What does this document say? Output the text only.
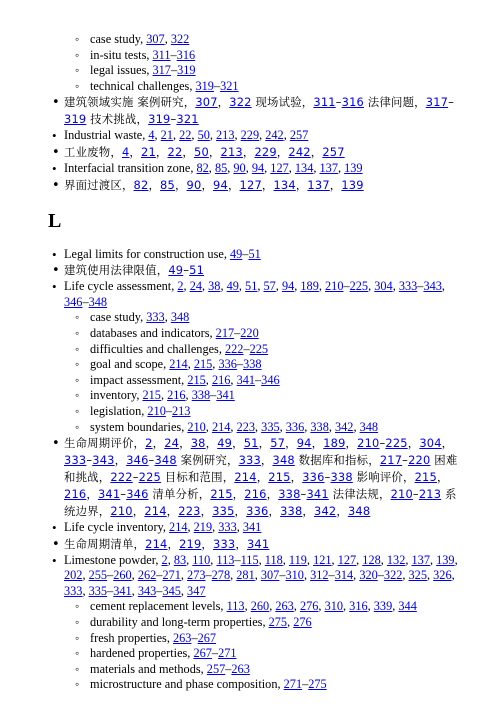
◦ case study, 307, 322
◦ in-situ tests, 311–316
◦ legal issues, 317–319
◦ technical challenges, 319–321
• 建筑领域实施 案例研究，307，322 现场试验，311–316 法律问题，317–319 技术挑战，319–321
• Industrial waste, 4, 21, 22, 50, 213, 229, 242, 257
• 工业废物，4，21，22，50，213，229，242，257
• Interfacial transition zone, 82, 85, 90, 94, 127, 134, 137, 139
• 界面过渡区，82，85，90，94，127，134，137，139
L
• Legal limits for construction use, 49–51
• 建筑使用法律限值，49–51
• Life cycle assessment, 2, 24, 38, 49, 51, 57, 94, 189, 210–225, 304, 333–343, 346–348
◦ case study, 333, 348
◦ databases and indicators, 217–220
◦ difficulties and challenges, 222–225
◦ goal and scope, 214, 215, 336–338
◦ impact assessment, 215, 216, 341–346
◦ inventory, 215, 216, 338–341
◦ legislation, 210–213
◦ system boundaries, 210, 214, 223, 335, 336, 338, 342, 348
• 生命周期评价，2，24，38，49，51，57，94，189，210–225，304，333–343，346–348 案例研究，333，348 数据库和指标，217–220 困难和挑战，222–225 目标和范围，214，215，336–338 影响评价，215，216，341–346 清单分析，215，216，338–341 法律法规，210–213 系统边界，210，214，223，335，336，338，342，348
• Life cycle inventory, 214, 219, 333, 341
• 生命周期清单，214，219，333，341
• Limestone powder, 2, 83, 110, 113–115, 118, 119, 121, 127, 128, 132, 137, 139, 202, 255–260, 262–271, 273–278, 281, 307–310, 312–314, 320–322, 325, 326, 333, 335–341, 343–345, 347
◦ cement replacement levels, 113, 260, 263, 276, 310, 316, 339, 344
◦ durability and long-term properties, 275, 276
◦ fresh properties, 263–267
◦ hardened properties, 267–271
◦ materials and methods, 257–263
◦ microstructure and phase composition, 271–275
